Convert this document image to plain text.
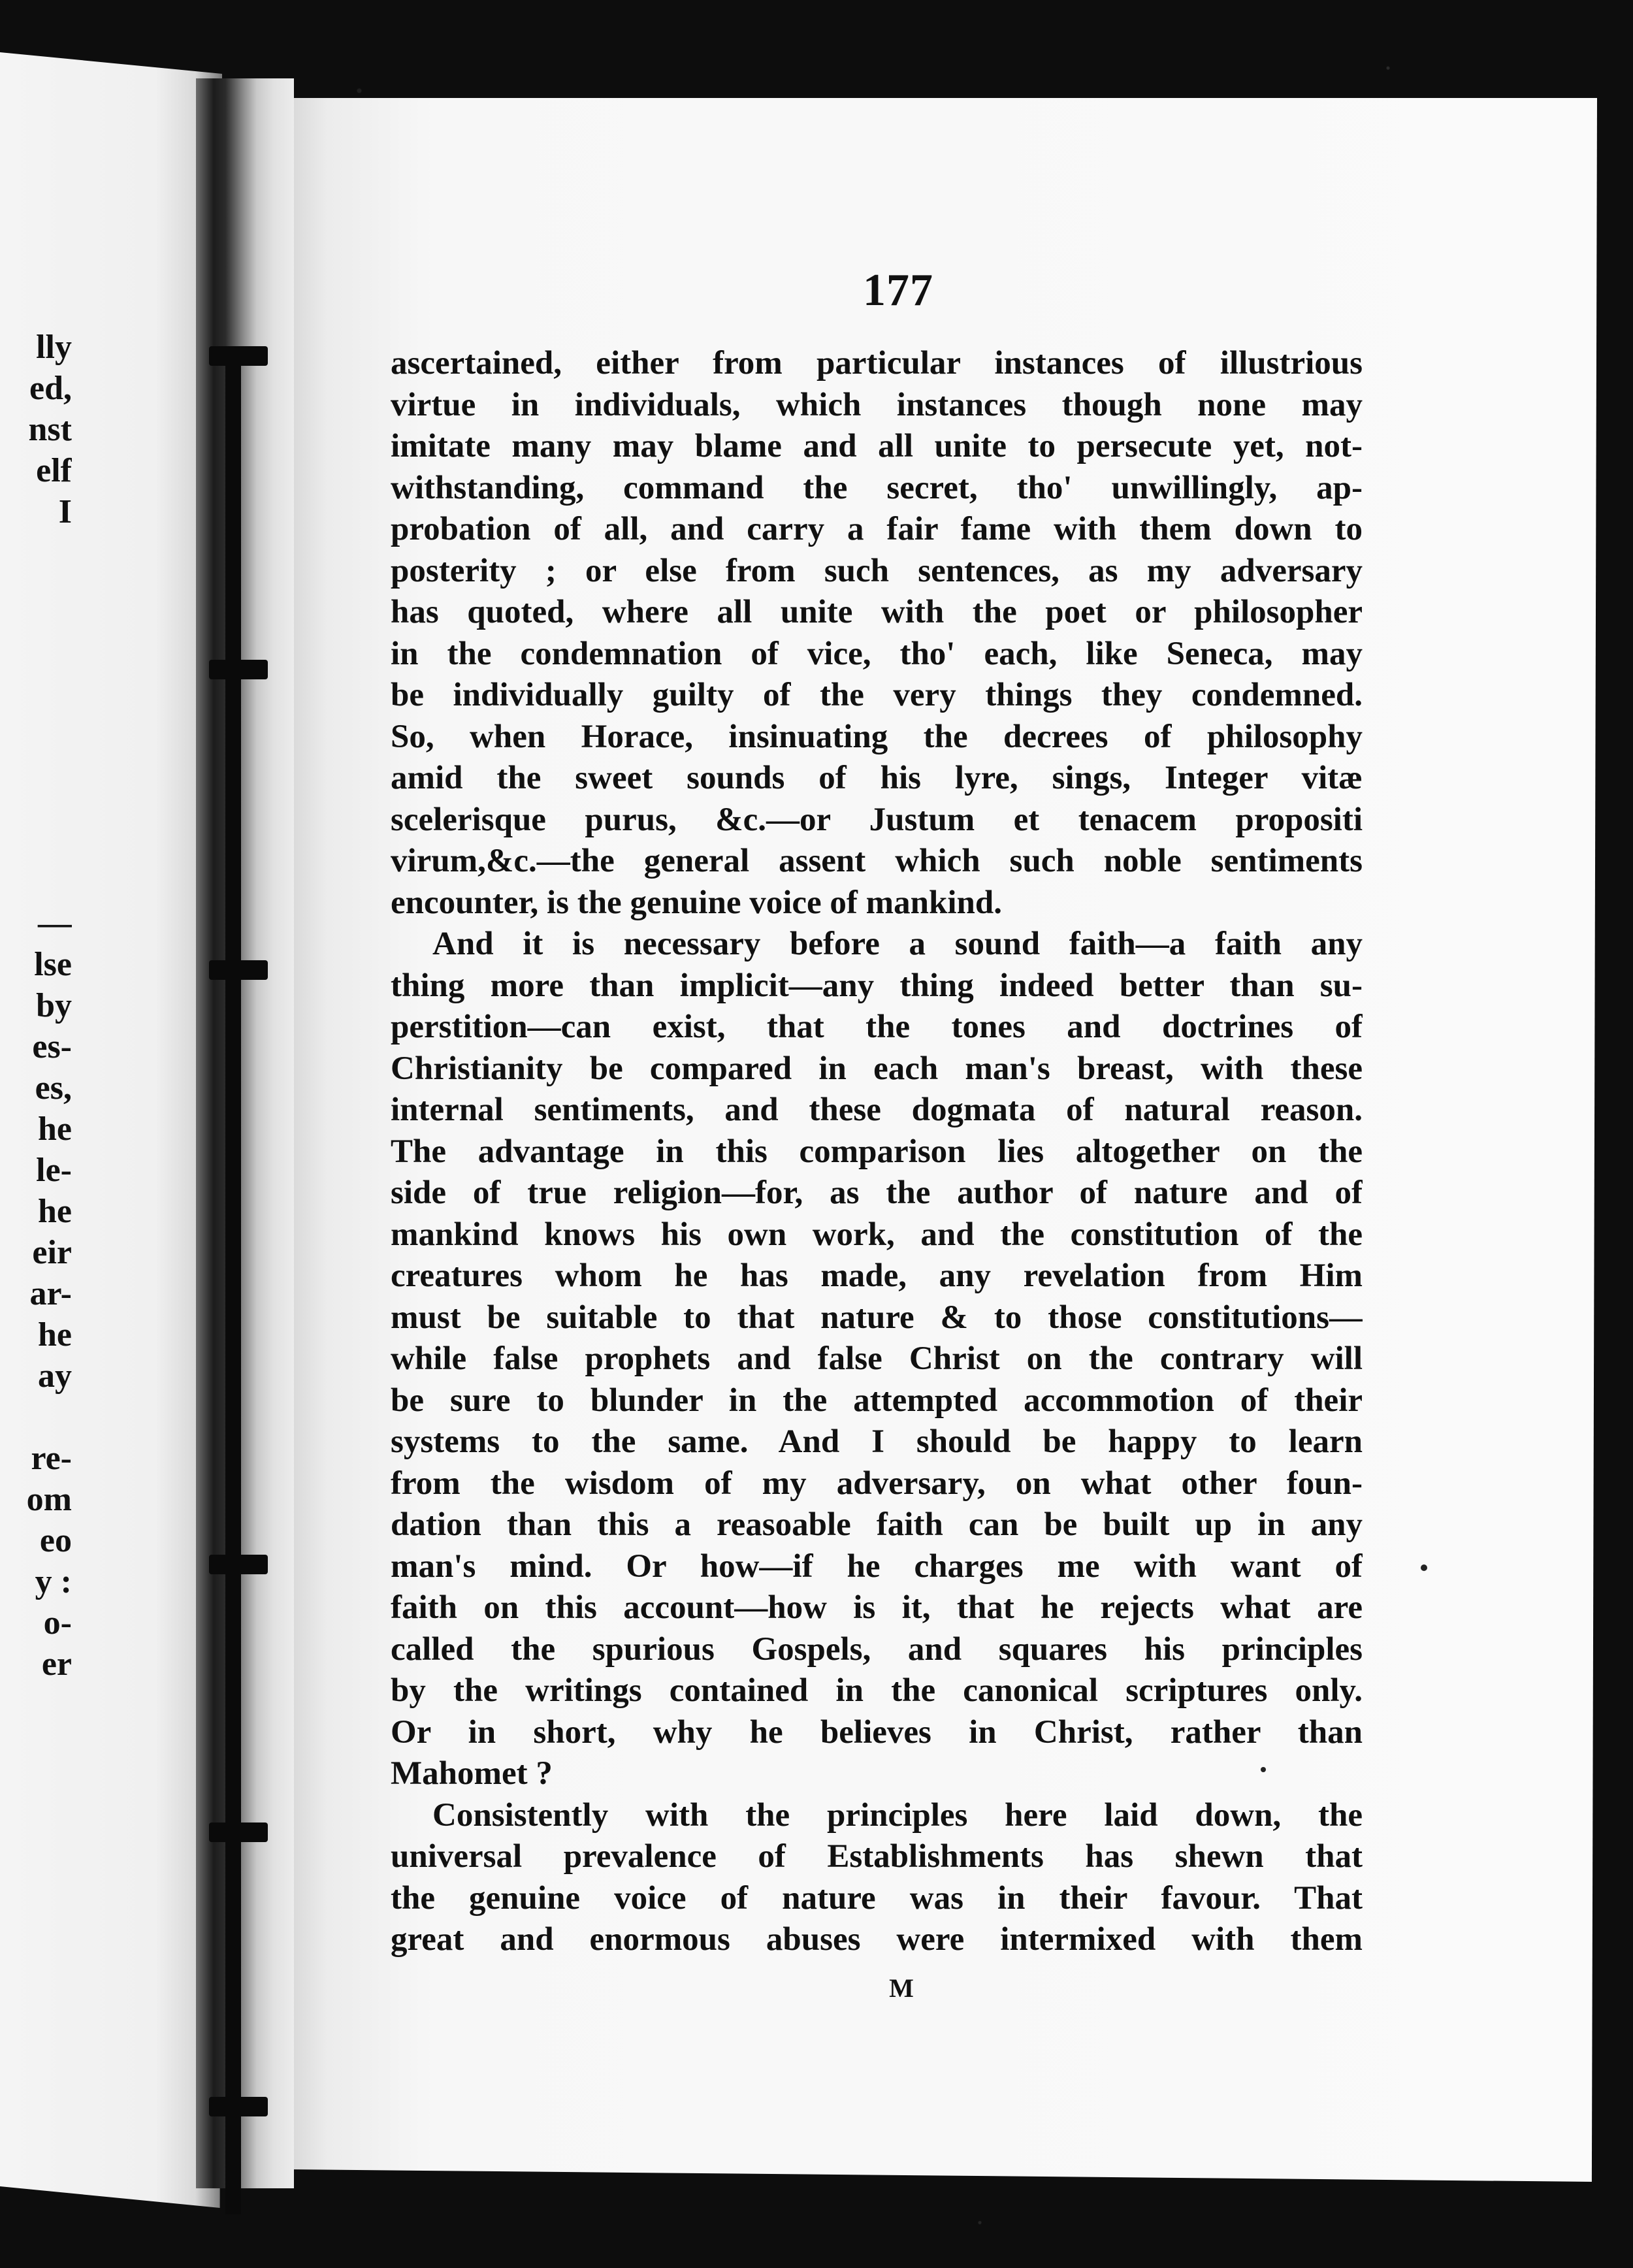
lly
ed,
nst
elf
I
—
lse
by
es-
es,
he
le-
he
eir
ar-
he
ay
re-
om
eo
y :
o-
er
177
ascertained, either from particular instances of illustrious
virtue in individuals, which instances though none may
imitate many may blame and all unite to persecute yet, not-
withstanding, command the secret, tho' unwillingly, ap-
probation of all, and carry a fair fame with them down to
posterity ; or else from such sentences, as my adversary
has quoted, where all unite with the poet or philosopher
in the condemnation of vice, tho' each, like Seneca, may
be individually guilty of the very things they condemned.
So, when Horace, insinuating the decrees of philosophy
amid the sweet sounds of his lyre, sings, Integer vitæ
scelerisque purus, &c.—or Justum et tenacem propositi
virum,&c.—the general assent which such noble sentiments
encounter, is the genuine voice of mankind.
And it is necessary before a sound faith—a faith any
thing more than implicit—any thing indeed better than su-
perstition—can exist, that the tones and doctrines of
Christianity be compared in each man's breast, with these
internal sentiments, and these dogmata of natural reason.
The advantage in this comparison lies altogether on the
side of true religion—for, as the author of nature and of
mankind knows his own work, and the constitution of the
creatures whom he has made, any revelation from Him
must be suitable to that nature & to those constitutions—
while false prophets and false Christ on the contrary will
be sure to blunder in the attempted accommotion of their
systems to the same. And I should be happy to learn
from the wisdom of my adversary, on what other foun-
dation than this a reasoable faith can be built up in any
man's mind. Or how—if he charges me with want of
faith on this account—how is it, that he rejects what are
called the spurious Gospels, and squares his principles
by the writings contained in the canonical scriptures only.
Or in short, why he believes in Christ, rather than
Mahomet ?
Consistently with the principles here laid down, the
universal prevalence of Establishments has shewn that
the genuine voice of nature was in their favour. That
great and enormous abuses were intermixed with them
M
